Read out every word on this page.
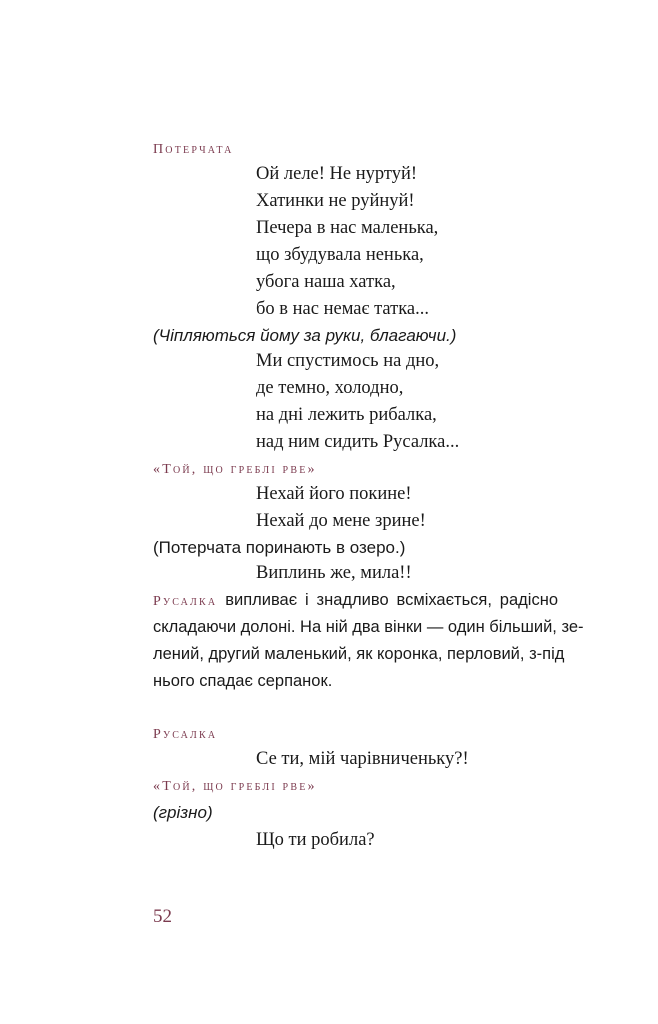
Потерчата
Ой леле! Не нуртуй!
Хатинки не руйнуй!
Печера в нас маленька,
що збудувала ненька,
убога наша хатка,
бо в нас немає татка...
(Чіпляються йому за руки, благаючи.)
Ми спустимось на дно,
де темно, холодно,
на дні лежить рибалка,
над ним сидить Русалка...
«Той, що греблі рве»
Нехай його покине!
Нехай до мене зрине!
(Потерчата поринають в озеро.)
Виплинь же, мила!!
Русалка випливає і знадливо всміхається, радісно
складаючи долоні. На ній два вінки — один більший, зе-
лений, другий маленький, як коронка, перловий, з-під
нього спадає серпанок.
Русалка
Се ти, мій чарівниченьку?!
«Той, що греблі рве»
(грізно)
Що ти робила?
52
